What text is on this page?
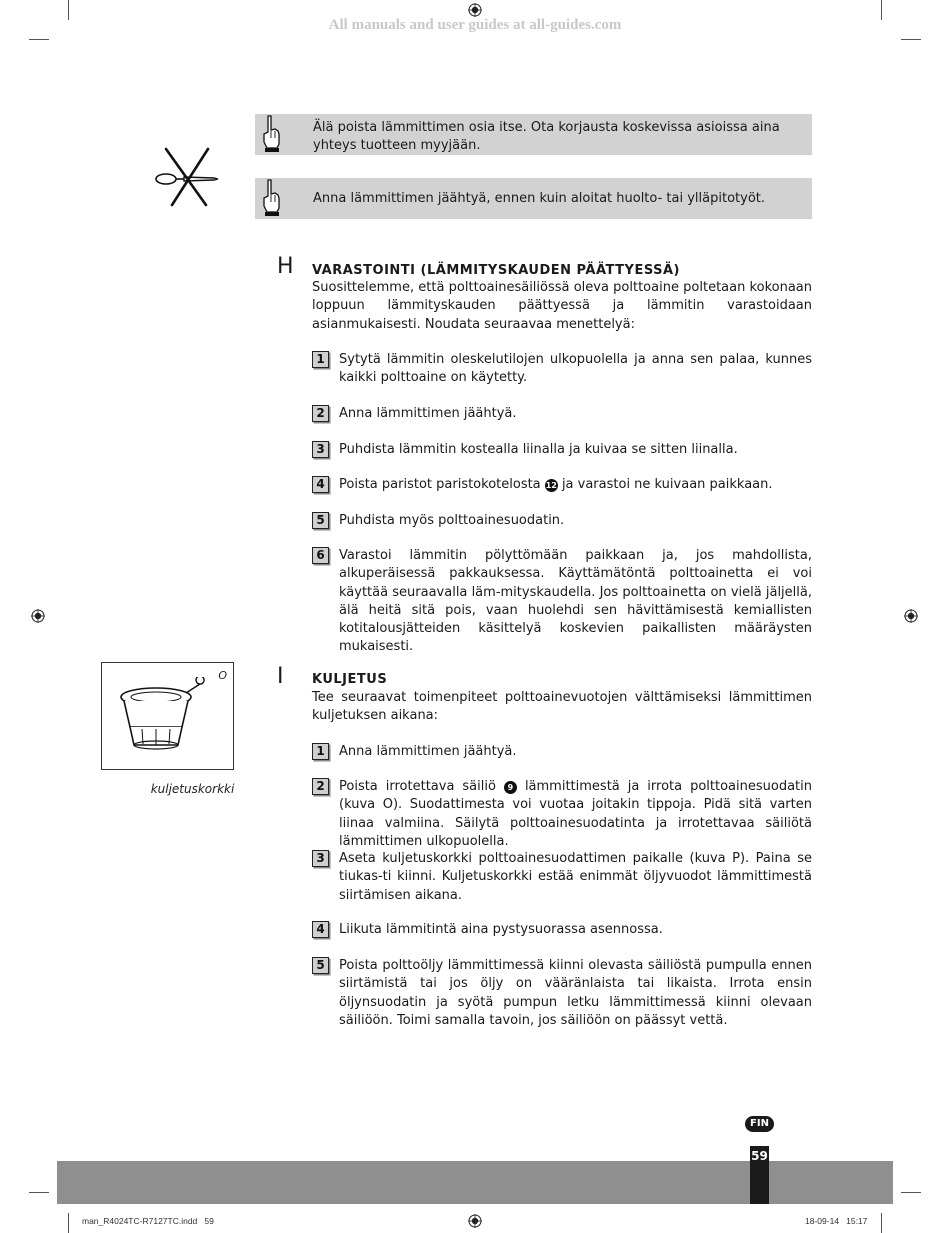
All manuals and user guides at all-guides.com
Älä poista lämmittimen osia itse. Ota korjausta koskevissa asioissa aina yhteys tuotteen myyjään.
Anna lämmittimen jäähtyä, ennen kuin aloitat huolto- tai ylläpitotyöt.
H VARASTOINTI (LÄMMITYSKAUDEN PÄÄTTYESSÄ)
Suosittelemme, että polttoainesäiliössä oleva polttoaine poltetaan kokonaan loppuun lämmityskauden päättyessä ja lämmitin varastoidaan asianmukaisesti. Noudata seuraavaa menettelyä:
1	Sytytä lämmitin oleskelutilojen ulkopuolella ja anna sen palaa, kunnes kaikki polttoaine on käytetty.
2	Anna lämmittimen jäähtyä.
3	Puhdista lämmitin kostealla liinalla ja kuivaa se sitten liinalla.
4	Poista paristot paristokotelosta 12 ja varastoi ne kuivaan paikkaan.
5	Puhdista myös polttoainesuodatin.
6	Varastoi lämmitin pölyttömään paikkaan ja, jos mahdollista, alkuperäisessä pakkauksessa. Käyttämätöntä polttoainetta ei voi käyttää seuraavalla läm-mityskaudella. Jos polttoainetta on vielä jäljellä, älä heitä sitä pois, vaan huolehdi sen hävittämisestä kemiallisten kotitalousjätteiden käsittelyä koskevien paikallisten määräysten mukaisesti.
O
kuljetuskorkki
I KULJETUS
Tee seuraavat toimenpiteet polttoainevuotojen välttämiseksi lämmittimen kuljetuksen aikana:
1	Anna lämmittimen jäähtyä.
2	Poista irrotettava säiliö 9 lämmittimestä ja irrota polttoainesuodatin (kuva O). Suodattimesta voi vuotaa joitakin tippoja. Pidä sitä varten liinaa valmiina. Säilytä polttoainesuodatinta ja irrotettavaa säiliötä lämmittimen ulkopuolella.
3	Aseta kuljetuskorkki polttoainesuodattimen paikalle (kuva P). Paina se tiukas-ti kiinni. Kuljetuskorkki estää enimmät öljyvuodot lämmittimestä siirtämisen aikana.
4	Liikuta lämmitintä aina pystysuorassa asennossa.
5	Poista polttoöljy lämmittimessä kiinni olevasta säiliöstä pumpulla ennen siirtämistä tai jos öljy on vääränlaista tai likaista. Irrota ensin öljynsuodatin ja syötä pumpun letku lämmittimessä kiinni olevaan säiliöön. Toimi samalla tavoin, jos säiliöön on päässyt vettä.
FIN
59
man_R4024TC-R7127TC.indd   59	18-09-14   15:17
